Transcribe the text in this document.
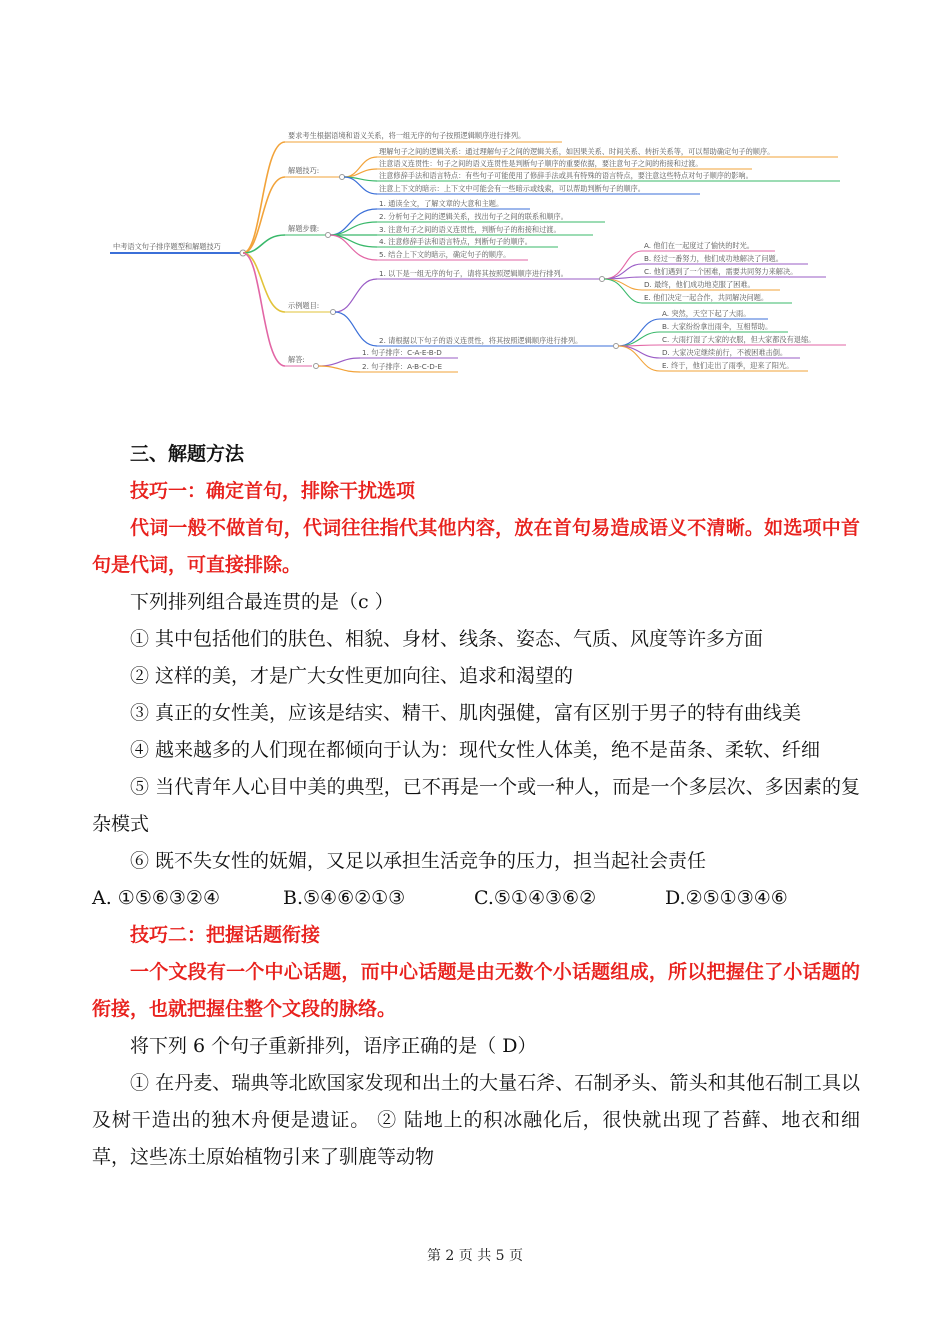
中考语文句子排序题型和解题技巧
要求考生根据语境和语义关系，将一组无序的句子按照逻辑顺序进行排列。
解题技巧:
理解句子之间的逻辑关系：通过理解句子之间的逻辑关系，如因果关系、时间关系、转折关系等，可以帮助确定句子的顺序。
注意语义连贯性：句子之间的语义连贯性是判断句子顺序的重要依据，要注意句子之间的衔接和过渡。
注意修辞手法和语言特点：有些句子可能使用了修辞手法或具有特殊的语言特点，要注意这些特点对句子顺序的影响。
注意上下文的暗示：上下文中可能会有一些暗示或线索，可以帮助判断句子的顺序。
解题步骤:
1. 通读全文，了解文章的大意和主题。
2. 分析句子之间的逻辑关系，找出句子之间的联系和顺序。
3. 注意句子之间的语义连贯性，判断句子的衔接和过渡。
4. 注意修辞手法和语言特点，判断句子的顺序。
5. 结合上下文的暗示，确定句子的顺序。
示例题目:
1. 以下是一组无序的句子，请将其按照逻辑顺序进行排列。
2. 请根据以下句子的语义连贯性，将其按照逻辑顺序进行排列。
A. 他们在一起度过了愉快的时光。
B. 经过一番努力，他们成功地解决了问题。
C. 他们遇到了一个困难，需要共同努力来解决。
D. 最终，他们成功地克服了困难。
E. 他们决定一起合作，共同解决问题。
A. 突然，天空下起了大雨。
B. 大家纷纷拿出雨伞，互相帮助。
C. 大雨打湿了大家的衣服，但大家都没有退缩。
D. 大家决定继续前行，不被困难击倒。
E. 终于，他们走出了雨季，迎来了阳光。
解答:
1. 句子排序：C-A-E-B-D
2. 句子排序：A-B-C-D-E

三、解题方法

技巧一：确定首句，排除干扰选项

代词一般不做首句，代词往往指代其他内容，放在首句易造成语义不清晰。如选项中首句是代词，可直接排除。

下列排列组合最连贯的是（c ）

① 其中包括他们的肤色、相貌、身材、线条、姿态、气质、风度等许多方面

② 这样的美，才是广大女性更加向往、追求和渴望的

③ 真正的女性美，应该是结实、精干、肌肉强健，富有区别于男子的特有曲线美

④ 越来越多的人们现在都倾向于认为：现代女性人体美，绝不是苗条、柔软、纤细

⑤ 当代青年人心目中美的典型，已不再是一个或一种人，而是一个多层次、多因素的复杂模式

⑥ 既不失女性的妩媚，又足以承担生活竞争的压力，担当起社会责任

A. ①⑤⑥③②④	B.⑤④⑥②①③	C.⑤①④③⑥②	D.②⑤①③④⑥

技巧二：把握话题衔接

一个文段有一个中心话题，而中心话题是由无数个小话题组成，所以把握住了小话题的衔接，也就把握住整个文段的脉络。

将下列 6 个句子重新排列，语序正确的是（ D）

① 在丹麦、瑞典等北欧国家发现和出土的大量石斧、石制矛头、箭头和其他石制工具以及树干造出的独木舟便是遗证。 ② 陆地上的积冰融化后，很快就出现了苔藓、地衣和细草，这些冻土原始植物引来了驯鹿等动物

第 2 页 共 5 页
